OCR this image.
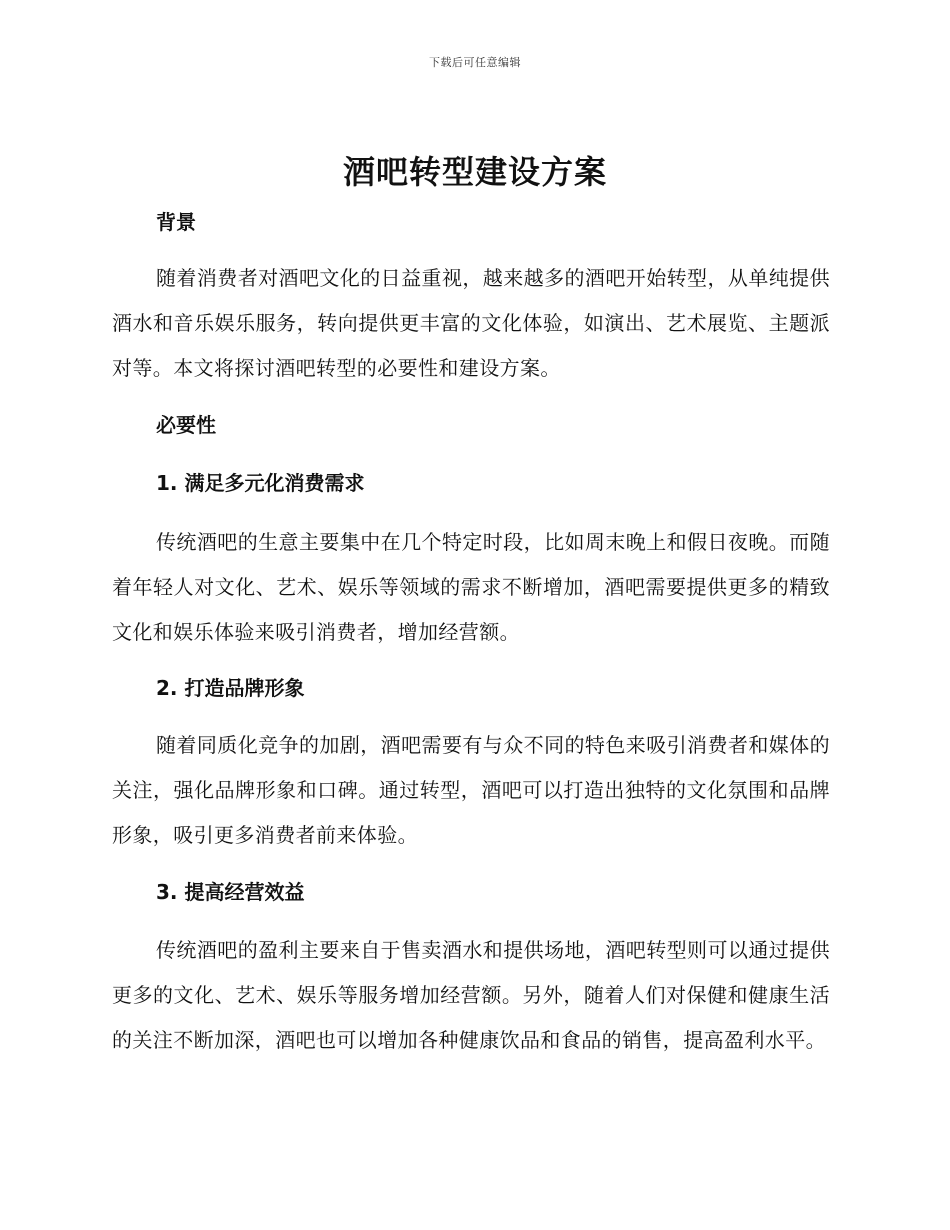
下载后可任意编辑
酒吧转型建设方案
背景

随着消费者对酒吧文化的日益重视，越来越多的酒吧开始转型，从单纯提供酒水和音乐娱乐服务，转向提供更丰富的文化体验，如演出、艺术展览、主题派对等。本文将探讨酒吧转型的必要性和建设方案。

必要性
1. 满足多元化消费需求

传统酒吧的生意主要集中在几个特定时段，比如周末晚上和假日夜晚。而随着年轻人对文化、艺术、娱乐等领域的需求不断增加，酒吧需要提供更多的精致文化和娱乐体验来吸引消费者，增加经营额。

2. 打造品牌形象

随着同质化竞争的加剧，酒吧需要有与众不同的特色来吸引消费者和媒体的关注，强化品牌形象和口碑。通过转型，酒吧可以打造出独特的文化氛围和品牌形象，吸引更多消费者前来体验。

3. 提高经营效益

传统酒吧的盈利主要来自于售卖酒水和提供场地，酒吧转型则可以通过提供更多的文化、艺术、娱乐等服务增加经营额。另外，随着人们对保健和健康生活的关注不断加深，酒吧也可以增加各种健康饮品和食品的销售，提高盈利水平。
